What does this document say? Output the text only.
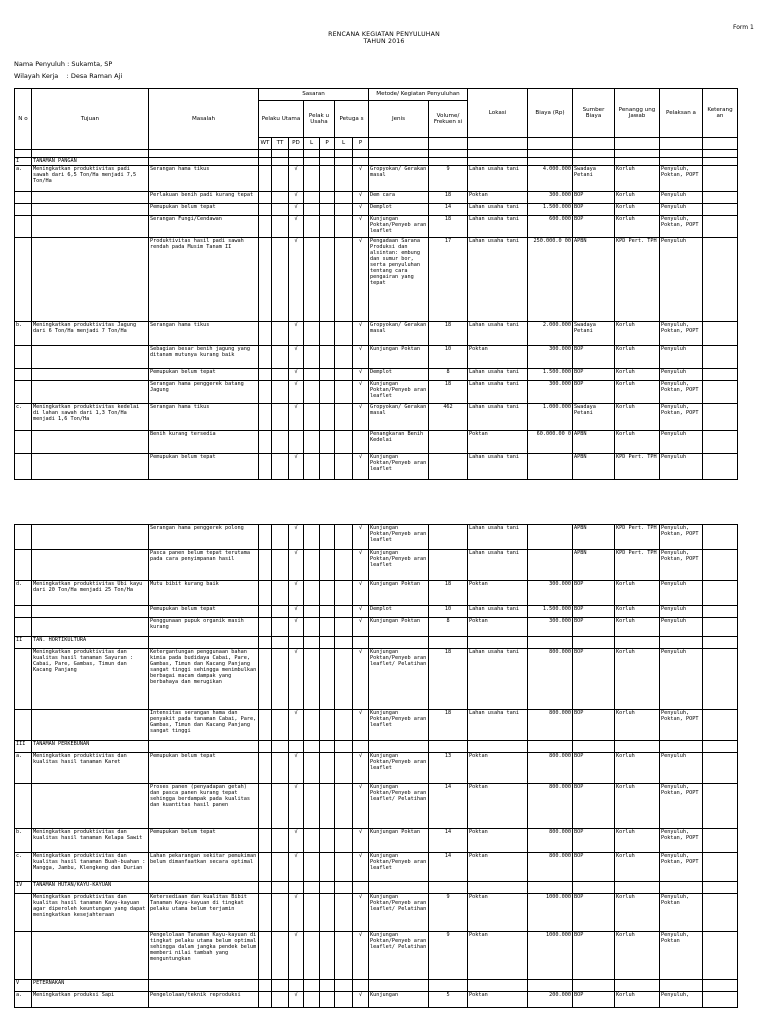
Form 1
RENCANA KEGIATAN PENYULUHAN
TAHUN 2016
Nama Penyuluh : Sukamta, SP
Wilayah Kerja    : Desa Raman Aji
N o	Tujuan	Masalah	Sasaran							Metode/ Kegiatan Penyuluhan		Lokasi	Biaya (Rp)	Sumber Biaya	Penangg ung Jawab	Pelaksan a	Keterang an
			Pelaku Utama			Pelak u Usaha		Petuga s		Jenis	Volume/ Frekuen si						
			WT	TT	PD	L	P	L	P								

I	TANAMAN PANGAN																
a.	Meningkatkan produktivitas padi sawah dari 6,5 Ton/Ha menjadi 7,5 Ton/Ha	Serangan hama tikus			√				√	Gropyokan/ Gerakan masal	9	Lahan usaha tani	4.000.000	Swadaya Petani	Korluh	Penyuluh, Poktan, POPT	
		Perlakuan benih padi kurang tepat			√				√	Dem cara	18	Poktan	300.000	BOP	Korluh	Penyuluh	
		Pemupukan belum tepat			√				√	Demplot	14	Lahan usaha tani	1.500.000	BOP	Korluh	Penyuluh	
		Serangan Fungi/Cendawan			√				√	Kunjungan Poktan/Penyeb aran leaflet	18	Lahan usaha tani	600.000	BOP	Korluh	Penyuluh, Poktan, POPT	
		Produktivitas hasil padi sawah rendah pada Musim Tanam II			√				√	Pengadaan Sarana Produksi dan alsintan: embung dan sumur bor, serta penyuluhan tentang cara pengairan yang tepat	17	Lahan usaha tani	250.000.0 00	APBN	KPD Pert. TPH	Penyuluh	
b.	Meningkatkan produktivitas Jagung dari 6 Ton/Ha menjadi 7 Ton/Ha	Serangan hama tikus			√				√	Gropyokan/ Gerakan masal	18	Lahan usaha tani	2.000.000	Swadaya Petani	Korluh	Penyuluh, Poktan, POPT	
		Sebagian besar benih jagung yang ditanam mutunya kurang baik			√				√	Kunjungan Poktan	10	Poktan	300.000	BOP	Korluh	Penyuluh	
		Pemupukan belum tepat			√				√	Demplot	8	Lahan usaha tani	1.500.000	BOP	Korluh	Penyuluh	
		Serangan hama penggerek batang Jagung			√				√	Kunjungan Poktan/Penyeb aran leaflet	18	Lahan usaha tani	300.000	BOP	Korluh	Penyuluh, Poktan, POPT	
c.	Meningkatkan produktivitas kedelai di lahan sawah dari 1,3 Ton/Ha menjadi 1,6 Ton/Ha	Serangan hama tikus			√				√	Gropyokan/ Gerakan masal	462	Lahan usaha tani	1.000.000	Swadaya Petani	Korluh	Penyuluh, Poktan, POPT	
		Benih kurang tersedia								Penangkaran Benih Kedelai		Poktan	60.000.00 0	APBN	Korluh	Penyuluh	
		Pemupukan belum tepat			√				√	Kunjungan Poktan/Penyeb aran leaflet		Lahan usaha tani		APBN	KPD Pert. TPH	Penyuluh	
		Serangan hama penggerek polong			√				√	Kunjungan Poktan/Penyeb aran leaflet		Lahan usaha tani		APBN	KPD Pert. TPH	Penyuluh, Poktan, POPT	
		Pasca panen belum tepat terutama pada cara penyimpanan hasil			√				√	Kunjungan Poktan/Penyeb aran leaflet		Lahan usaha tani		APBN	KPD Pert. TPH	Penyuluh, Poktan, POPT	
d.	Meningkatkan produktivitas Ubi kayu dari 20 Ton/Ha menjadi 25 Ton/Ha	Mutu bibit kurang baik			√				√	Kunjungan Poktan	18	Poktan	300.000	BOP	Korluh	Penyuluh	
		Pemupukan belum tepat			√				√	Demplot	10	Lahan usaha tani	1.500.000	BOP	Korluh	Penyuluh	
		Penggunaan pupuk organik masih kurang			√				√	Kunjungan Poktan	8	Poktan	300.000	BOP	Korluh	Penyuluh	
II	TAN. HORTIKULTURA																
	Meningkatkan produktivitas dan kualitas hasil tanaman Sayuran : Cabai, Pare, Gambas, Timun dan Kacang Panjang	Ketergantungan penggunaan bahan kimia pada budidaya Cabai, Pare, Gambas, Timun dan Kacang Panjang sangat tinggi sehingga menimbulkan berbagai macam dampak yang berbahaya dan merugikan			√				√	Kunjungan Poktan/Penyeb aran leaflet/ Pelatihan	18	Lahan usaha tani	800.000	BOP	Korluh	Penyuluh	
		Intensitas serangan hama dan penyakit pada tanaman Cabai, Pare, Gambas, Timun dan Kacang Panjang sangat tinggi			√				√	Kunjungan Poktan/Penyeb aran leaflet	18	Lahan usaha tani	800.000	BOP	Korluh	Penyuluh, Poktan, POPT	
III	TANAMAN PERKEBUNAN																
a.	Meningkatkan produktivitas dan kualitas hasil tanaman Karet	Pemupukan belum tepat			√				√	Kunjungan Poktan/Penyeb aran leaflet	13	Poktan	800.000	BOP	Korluh	Penyuluh	
		Proses panen (penyadapan getah) dan pasca panen kurang tepat sehingga berdampak pada kualitas dan kuantitas hasil panen			√				√	Kunjungan Poktan/Penyeb aran leaflet/ Pelatihan	14	Poktan	800.000	BOP	Korluh	Penyuluh, Poktan, POPT	
b.	Meningkatkan produktivitas dan kualitas hasil tanaman Kelapa Sawit	Pemupukan belum tepat			√				√	Kunjungan Poktan	14	Poktan	800.000	BOP	Korluh	Penyuluh, Poktan, POPT	
c.	Meningkatkan produktivitas dan kualitas hasil tanaman Buah-buahan : Mangga, Jambu, Klengkeng dan Durian	Lahan pekarangan sekitar pemukiman belum dimanfaatkan secara optimal			√				√	Kunjungan Poktan/Penyeb aran leaflet	14	Poktan	800.000	BOP	Korluh	Penyuluh, Poktan, POPT	
IV	TANAMAN HUTAN/KAYU-KAYUAN																
	Meningkatkan produktivitas dan kualitas hasil tanaman Kayu-kayuan agar diperoleh keuntungan yang dapat meningkatkan kesejahteraan	Ketersediaan dan kualitas Bibit Tanaman Kayu-kayuan di tingkat pelaku utama belum terjamin			√				√	Kunjungan Poktan/Penyeb aran leaflet/ Pelatihan	9	Poktan	1000.000	BOP	Korluh	Penyuluh, Poktan	
		Pengelolaan Tanaman Kayu-kayuan di tingkat pelaku utama belum optimal sehingga dalam jangka pendek belum memberi nilai tambah yang menguntungkan			√				√	Kunjungan Poktan/Penyeb aran leaflet/ Pelatihan	9	Poktan	1000.000	BOP	Korluh	Penyuluh, Poktan	
V	PETERNAKAN																
a.	Meningkatkan produksi Sapi	Pengelolaan/teknik reproduksi			√				√	Kunjungan	5	Poktan	200.000	BOP	Korluh	Penyuluh,	
